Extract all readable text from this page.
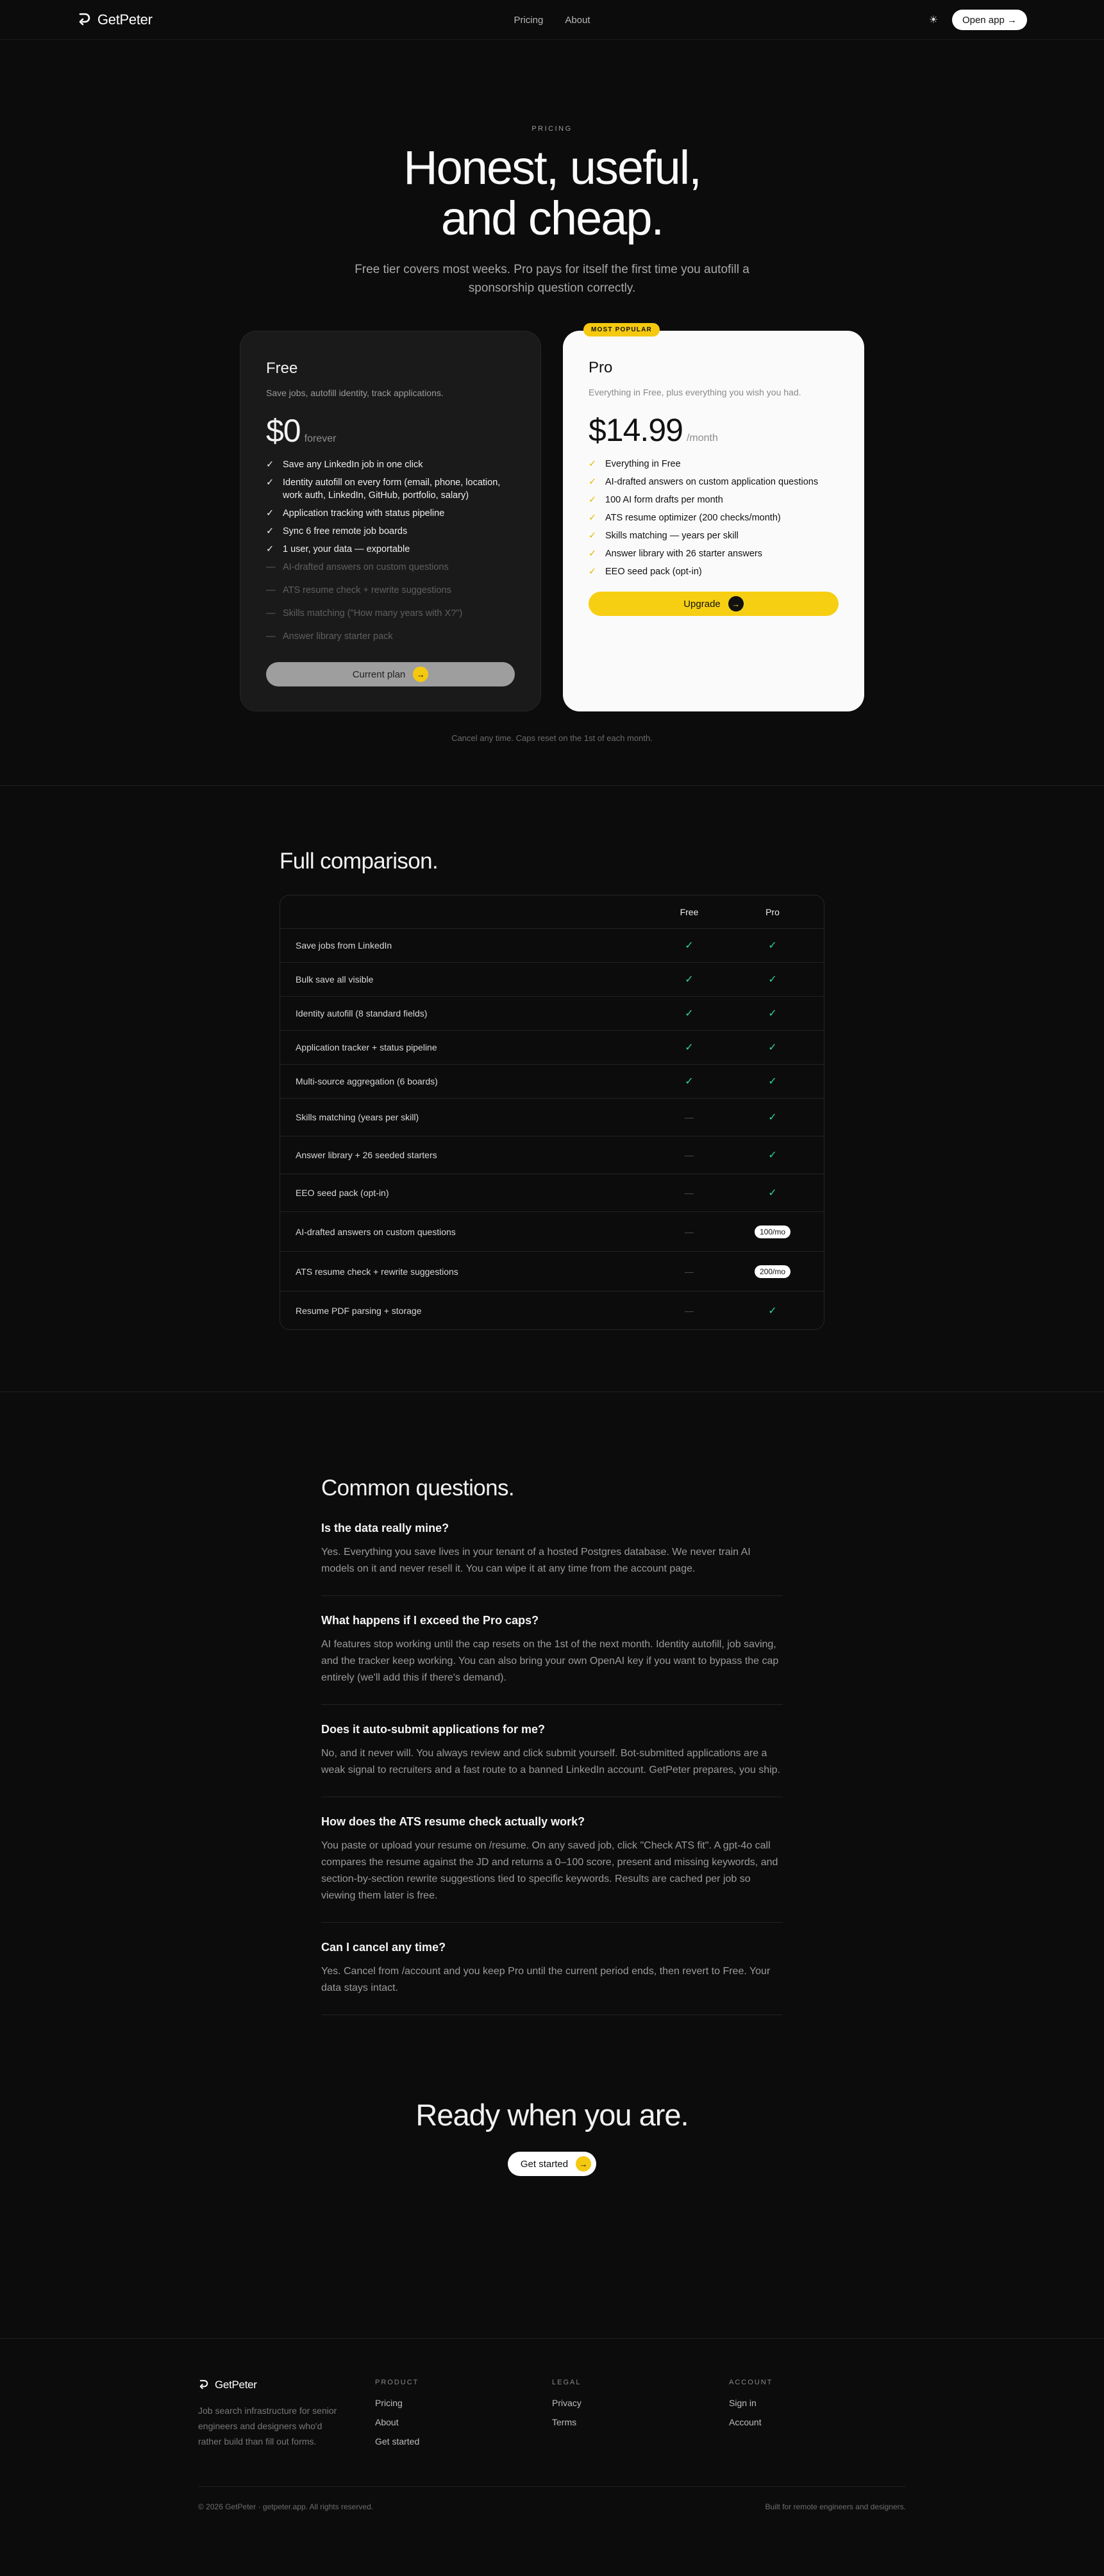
GetPeter	Pricing About	☀	Open app →
PRICING
Honest, useful,
and cheap.

Free tier covers most weeks. Pro pays for itself the first time you autofill a sponsorship question correctly.

Free
Save jobs, autofill identity, track applications.
$0 forever
✓ Save any LinkedIn job in one click
✓ Identity autofill on every form (email, phone, location, work auth, LinkedIn, GitHub, portfolio, salary)
✓ Application tracking with status pipeline
✓ Sync 6 free remote job boards
✓ 1 user, your data — exportable
— AI-drafted answers on custom questions
— ATS resume check + rewrite suggestions
— Skills matching ("How many years with X?")
— Answer library starter pack
Current plan	→
MOST POPULAR
Pro
Everything in Free, plus everything you wish you had.
$14.99 /month
✓ Everything in Free
✓ AI-drafted answers on custom application questions
✓ 100 AI form drafts per month
✓ ATS resume optimizer (200 checks/month)
✓ Skills matching — years per skill
✓ Answer library with 26 starter answers
✓ EEO seed pack (opt-in)
Upgrade	→
Cancel any time. Caps reset on the 1st of each month.
Full comparison.
Free	Pro
Save jobs from LinkedIn	✓	✓
Bulk save all visible	✓	✓
Identity autofill (8 standard fields)	✓	✓
Application tracker + status pipeline	✓	✓
Multi-source aggregation (6 boards)	✓	✓
Skills matching (years per skill)	—	✓
Answer library + 26 seeded starters	—	✓
EEO seed pack (opt-in)	—	✓
AI-drafted answers on custom questions	—	100/mo
ATS resume check + rewrite suggestions	—	200/mo
Resume PDF parsing + storage	—	✓
Common questions.
Is the data really mine?

Yes. Everything you save lives in your tenant of a hosted Postgres database. We never train AI models on it and never resell it. You can wipe it at any time from the account page.

What happens if I exceed the Pro caps?

AI features stop working until the cap resets on the 1st of the next month. Identity autofill, job saving, and the tracker keep working. You can also bring your own OpenAI key if you want to bypass the cap entirely (we'll add this if there's demand).

Does it auto-submit applications for me?

No, and it never will. You always review and click submit yourself. Bot-submitted applications are a weak signal to recruiters and a fast route to a banned LinkedIn account. GetPeter prepares, you ship.

How does the ATS resume check actually work?

You paste or upload your resume on /resume. On any saved job, click "Check ATS fit". A gpt-4o call compares the resume against the JD and returns a 0–100 score, present and missing keywords, and section-by-section rewrite suggestions tied to specific keywords. Results are cached per job so viewing them later is free.

Can I cancel any time?

Yes. Cancel from /account and you keep Pro until the current period ends, then revert to Free. Your data stays intact.

Ready when you are.
Get started	→
GetPeter
Job search infrastructure for senior engineers and designers who'd rather build than fill out forms.
PRODUCT
Pricing
About
Get started
LEGAL
Privacy
Terms
ACCOUNT
Sign in
Account
© 2026 GetPeter · getpeter.app. All rights reserved.	Built for remote engineers and designers.
